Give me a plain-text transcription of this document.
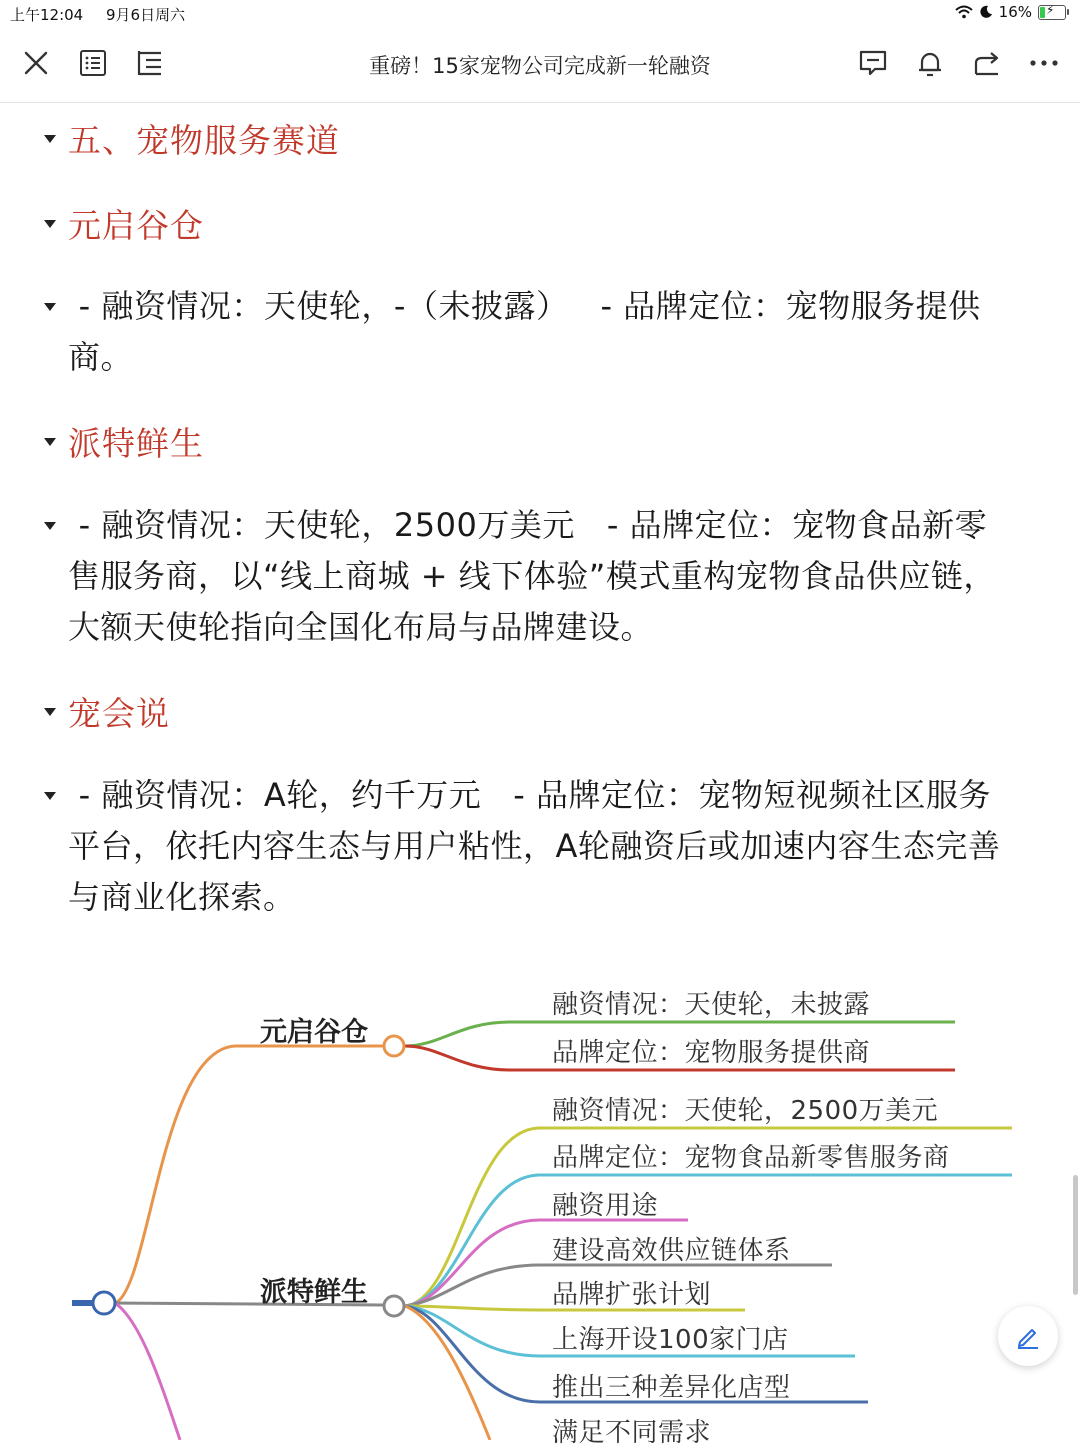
上午12:04 9月6日周六	16% ⚡
重磅！15家宠物公司完成新一轮融资
五、宠物服务赛道
元启谷仓
- 融资情况：天使轮，-（未披露）   - 品牌定位：宠物服务提供商。
派特鲜生
- 融资情况：天使轮，2500万美元   - 品牌定位：宠物食品新零售服务商，以“线上商城 + 线下体验”模式重构宠物食品供应链，大额天使轮指向全国化布局与品牌建设。
宠会说
- 融资情况：A轮，约千万元   - 品牌定位：宠物短视频社区服务平台，依托内容生态与用户粘性，A轮融资后或加速内容生态完善与商业化探索。
元启谷仓
融资情况：天使轮，未披露
品牌定位：宠物服务提供商
派特鲜生
融资情况：天使轮，2500万美元
品牌定位：宠物食品新零售服务商
融资用途
建设高效供应链体系
品牌扩张计划
上海开设100家门店
推出三种差异化店型
满足不同需求
